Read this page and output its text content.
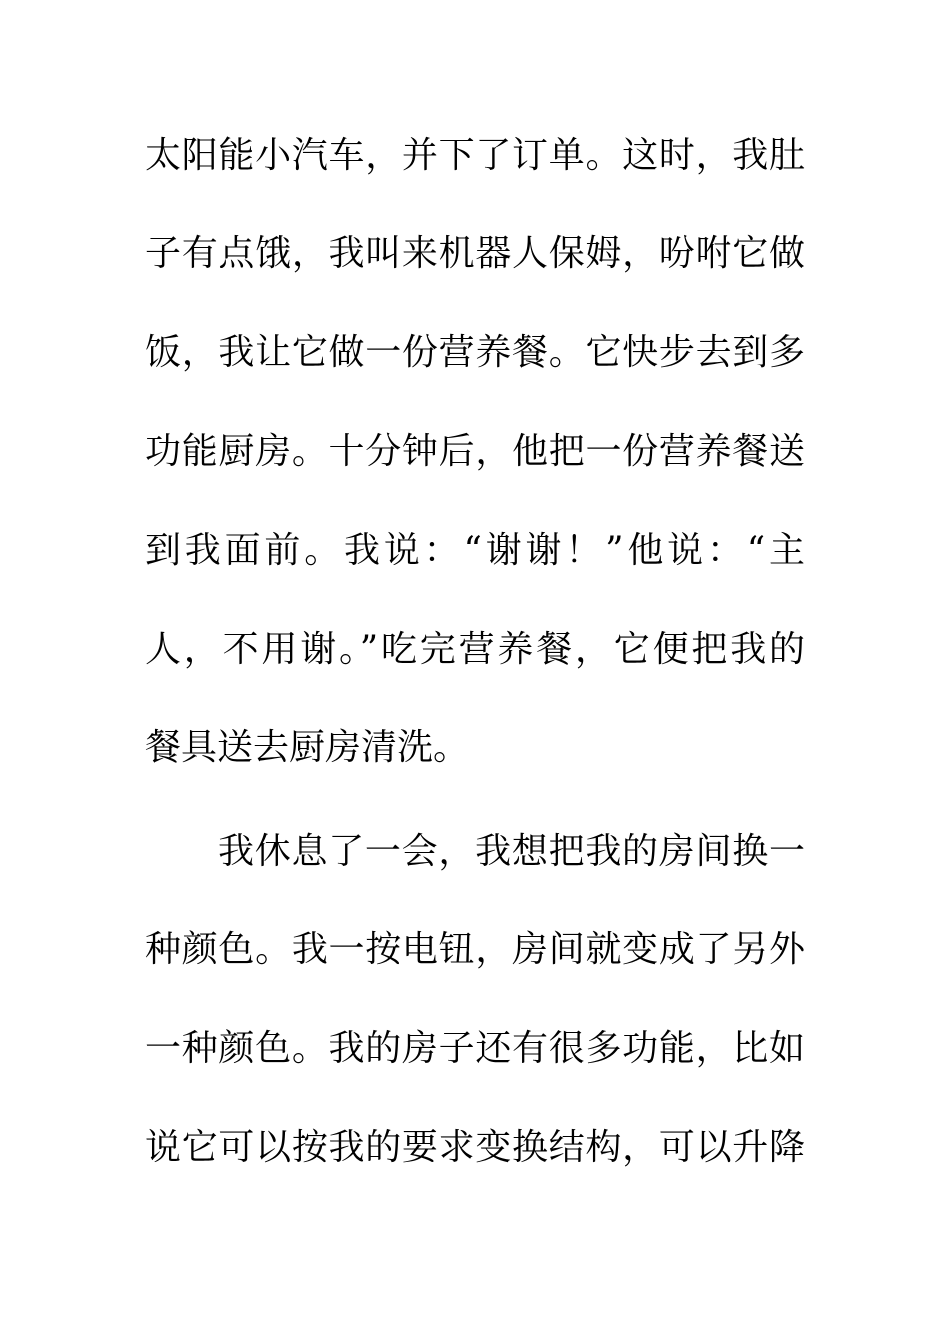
太阳能小汽车，并下了订单。这时，我肚
子有点饿，我叫来机器人保姆，吩咐它做
饭，我让它做一份营养餐。它快步去到多
功能厨房。十分钟后，他把一份营养餐送
到我面前。我说：“谢谢！”他说：“主
人，不用谢。”吃完营养餐，它便把我的
餐具送去厨房清洗。
我休息了一会，我想把我的房间换一
种颜色。我一按电钮，房间就变成了另外
一种颜色。我的房子还有很多功能，比如
说它可以按我的要求变换结构，可以升降
